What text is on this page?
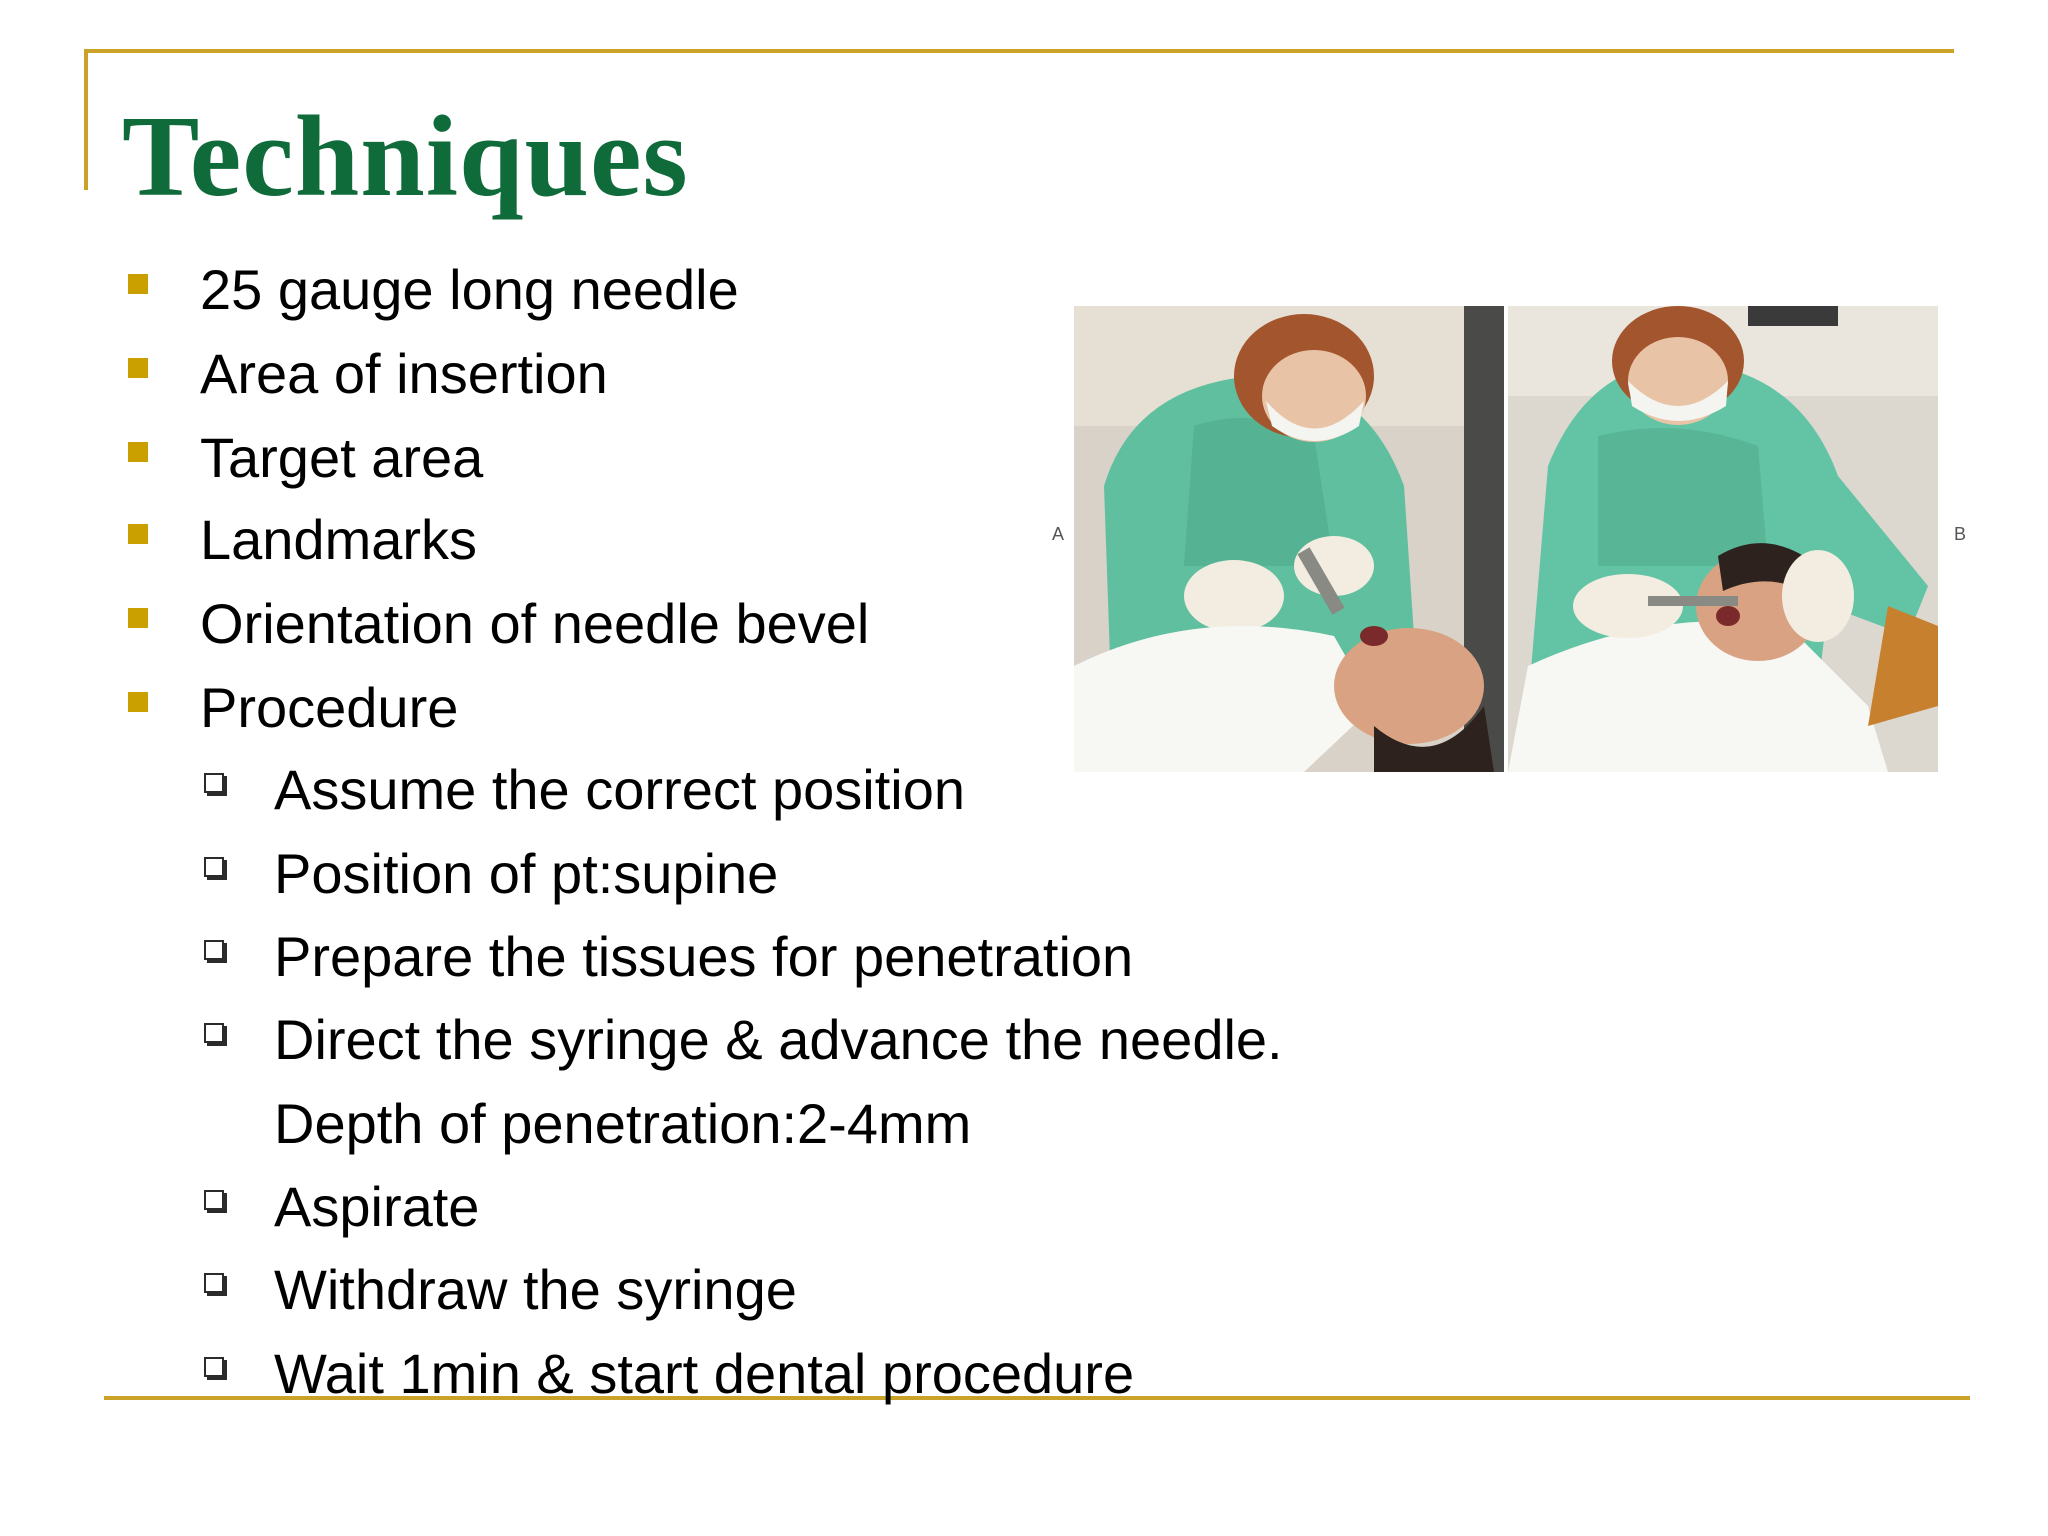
Techniques
25 gauge long needle
Area of insertion
Target area
Landmarks
Orientation of needle bevel
Procedure
Assume the correct position
Position of pt:supine
Prepare the tissues for penetration
Direct the syringe & advance the needle.
Depth of penetration:2-4mm
Aspirate
Withdraw the syringe
Wait 1min & start dental procedure
A	B
